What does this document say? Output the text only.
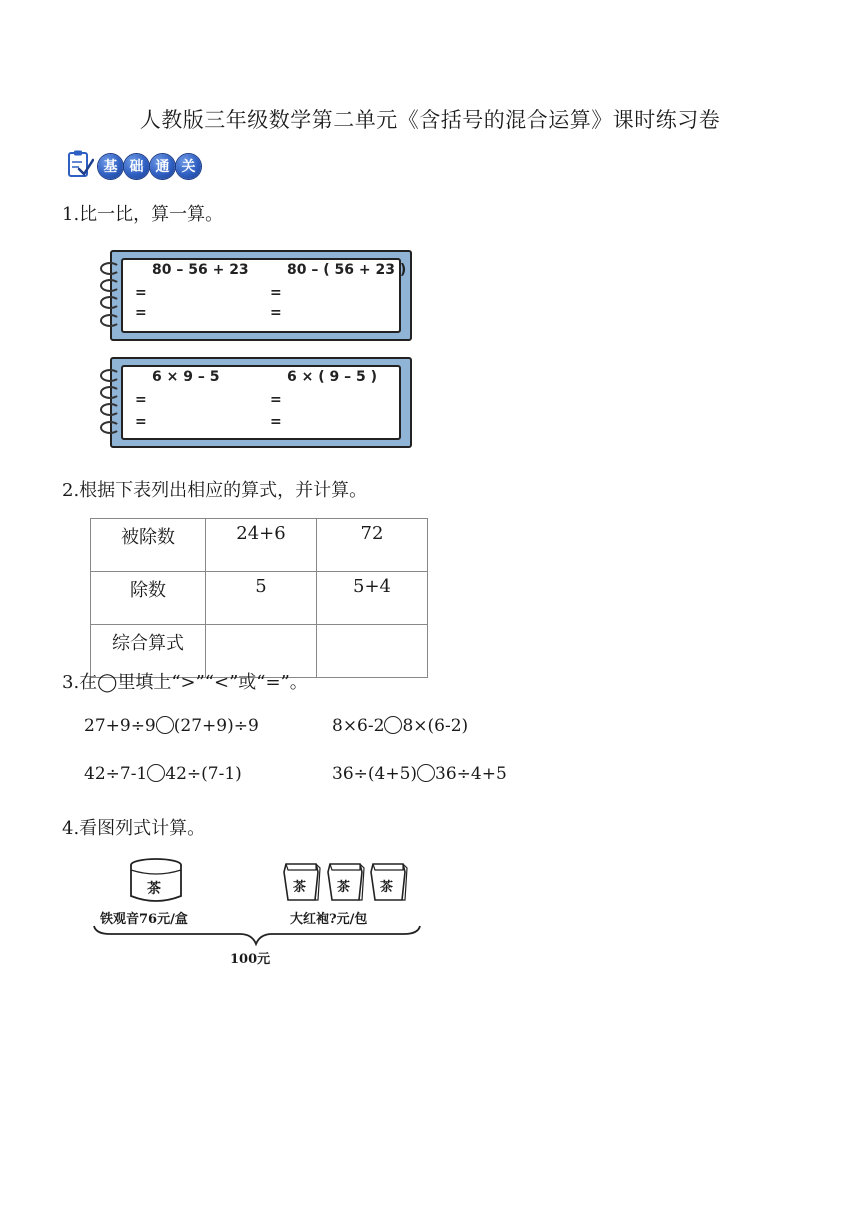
人教版三年级数学第二单元《含括号的混合运算》课时练习卷
基 础 通 关
1.比一比，算一算。
80 – 56 + 23	80 – ( 56 + 23 )
=
=
=
=
6 × 9 – 5	6 × ( 9 – 5 )
=
=
=
=
2.根据下表列出相应的算式，并计算。
被除数	24+6	72
除数	5	5+4
综合算式		
3.在◯里填上“>”“<”或“=”。
27+9÷9 (27+9)÷9	8×6-2 8×(6-2)
42÷7-1 42÷(7-1)	36÷(4+5) 36÷4+5
4.看图列式计算。
茶	茶 茶 茶
铁观音76元/盒	大红袍?元/包
100元
